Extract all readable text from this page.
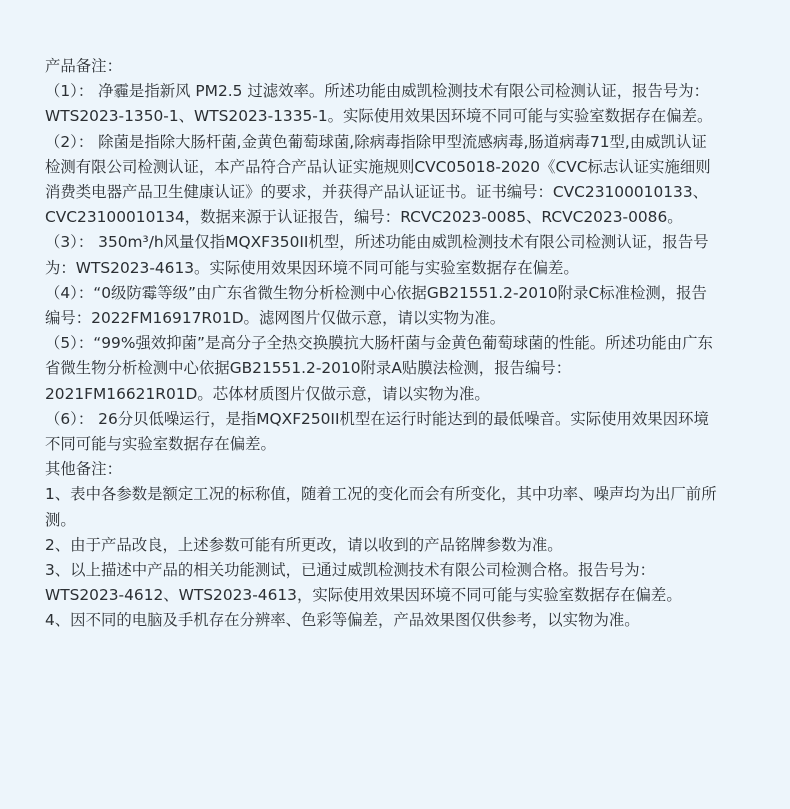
产品备注：

（1）： 净霾是指新风 PM2.5 过滤效率。所述功能由威凯检测技术有限公司检测认证，报告号为：

WTS2023-1350-1、WTS2023-1335-1。实际使用效果因环境不同可能与实验室数据存在偏差。

（2）： 除菌是指除大肠杆菌,金黄色葡萄球菌,除病毒指除甲型流感病毒,肠道病毒71型,由威凯认证

检测有限公司检测认证，本产品符合产品认证实施规则CVC05018-2020《CVC标志认证实施细则

消费类电器产品卫生健康认证》的要求，并获得产品认证证书。证书编号：CVC23100010133、

CVC23100010134，数据来源于认证报告，编号：RCVC2023-0085、RCVC2023-0086。

（3）： 350m³/h风量仅指MQXF350II机型，所述功能由威凯检测技术有限公司检测认证，报告号

为：WTS2023-4613。实际使用效果因环境不同可能与实验室数据存在偏差。

（4）：“0级防霉等级”由广东省微生物分析检测中心依据GB21551.2-2010附录C标准检测，报告

编号：2022FM16917R01D。滤网图片仅做示意，请以实物为准。

（5）：“99%强效抑菌”是高分子全热交换膜抗大肠杆菌与金黄色葡萄球菌的性能。所述功能由广东

省微生物分析检测中心依据GB21551.2-2010附录A贴膜法检测，报告编号：

2021FM16621R01D。芯体材质图片仅做示意，请以实物为准。

（6）： 26分贝低噪运行，是指MQXF250II机型在运行时能达到的最低噪音。实际使用效果因环境

不同可能与实验室数据存在偏差。

其他备注：

1、表中各参数是额定工况的标称值，随着工况的变化而会有所变化，其中功率、噪声均为出厂前所

测。

2、由于产品改良，上述参数可能有所更改，请以收到的产品铭牌参数为准。

3、以上描述中产品的相关功能测试，已通过威凯检测技术有限公司检测合格。报告号为：

WTS2023-4612、WTS2023-4613，实际使用效果因环境不同可能与实验室数据存在偏差。

4、因不同的电脑及手机存在分辨率、色彩等偏差，产品效果图仅供参考，以实物为准。
